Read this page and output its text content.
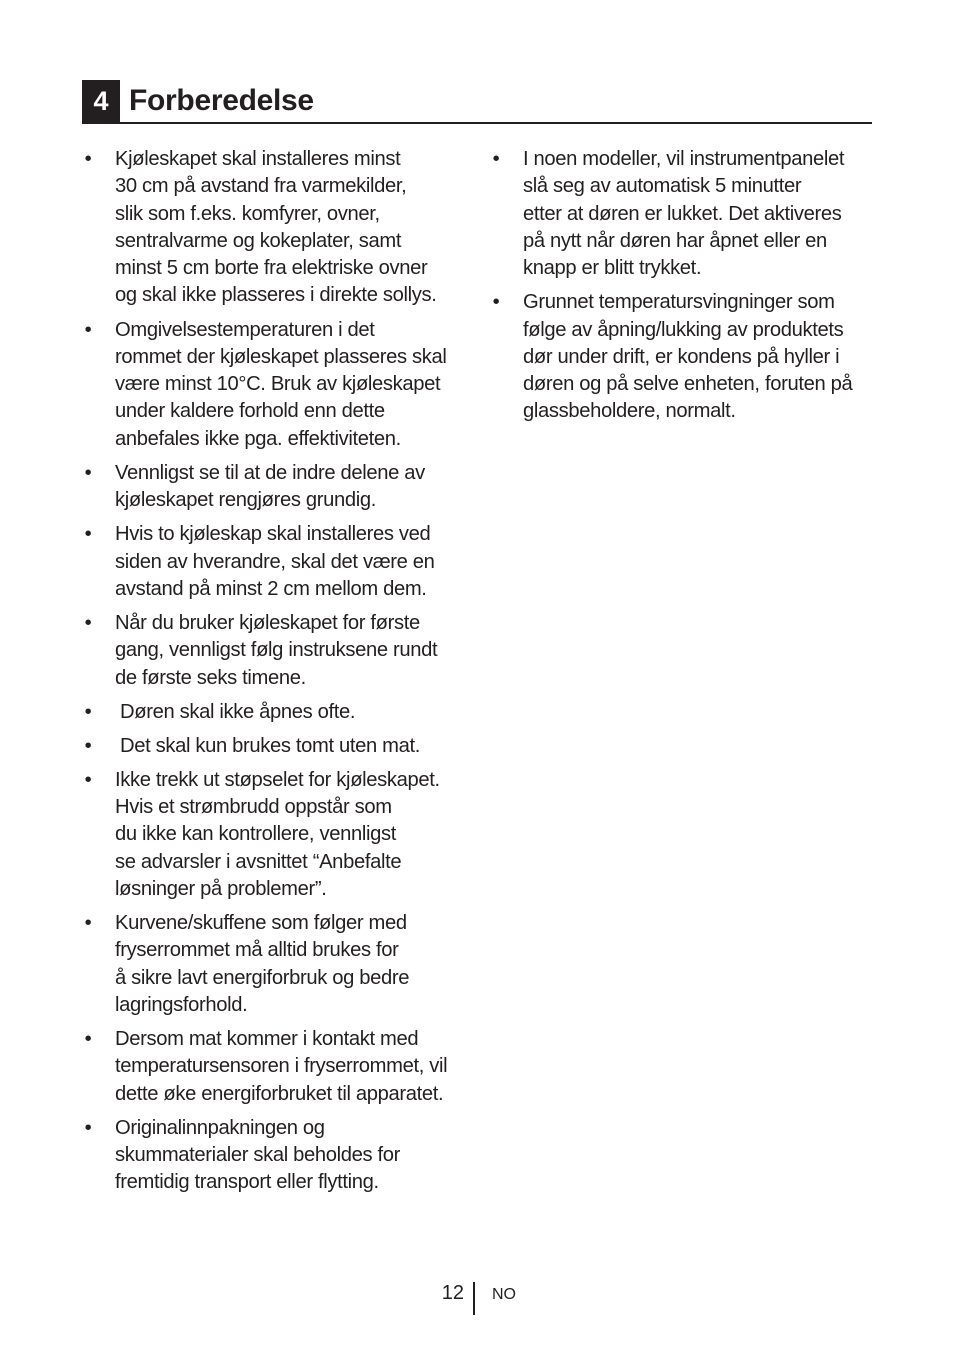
4 Forberedelse
• Kjøleskapet skal installeres minst
30 cm på avstand fra varmekilder,
slik som f.eks. komfyrer, ovner,
sentralvarme og kokeplater, samt
minst 5 cm borte fra elektriske ovner
og skal ikke plasseres i direkte sollys.
• Omgivelsestemperaturen i det
rommet der kjøleskapet plasseres skal
være minst 10°C. Bruk av kjøleskapet
under kaldere forhold enn dette
anbefales ikke pga. effektiviteten.
• Vennligst se til at de indre delene av
kjøleskapet rengjøres grundig.
• Hvis to kjøleskap skal installeres ved
siden av hverandre, skal det være en
avstand på minst 2 cm mellom dem.
• Når du bruker kjøleskapet for første
gang, vennligst følg instruksene rundt
de første seks timene.
• Døren skal ikke åpnes ofte.
• Det skal kun brukes tomt uten mat.
• Ikke trekk ut støpselet for kjøleskapet.
Hvis et strømbrudd oppstår som
du ikke kan kontrollere, vennligst
se advarsler i avsnittet “Anbefalte
løsninger på problemer”.
• Kurvene/skuffene som følger med
fryserrommet må alltid brukes for
å sikre lavt energiforbruk og bedre
lagringsforhold.
• Dersom mat kommer i kontakt med
temperatursensoren i fryserrommet, vil
dette øke energiforbruket til apparatet.
• Originalinnpakningen og
skummaterialer skal beholdes for
fremtidig transport eller flytting.
• I noen modeller, vil instrumentpanelet
slå seg av automatisk 5 minutter
etter at døren er lukket. Det aktiveres
på nytt når døren har åpnet eller en
knapp er blitt trykket.
• Grunnet temperatursvingninger som
følge av åpning/lukking av produktets
dør under drift, er kondens på hyller i
døren og på selve enheten, foruten på
glassbeholdere, normalt.
12 NO
